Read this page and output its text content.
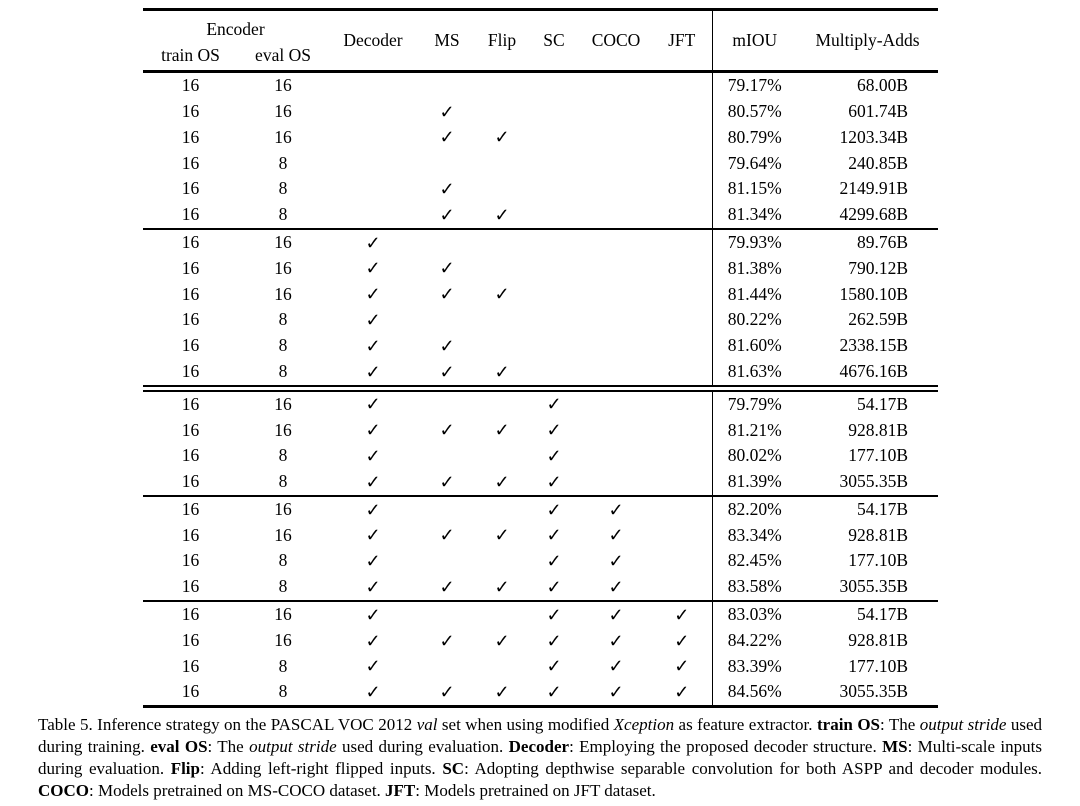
Encoder		Decoder	MS	Flip	SC	COCO	JFT	mIOU	Multiply-Adds
train OS	eval OS								
16	16							79.17%	68.00B
16	16		✓					80.57%	601.74B
16	16		✓	✓				80.79%	1203.34B
16	8							79.64%	240.85B
16	8		✓					81.15%	2149.91B
16	8		✓	✓				81.34%	4299.68B
16	16	✓						79.93%	89.76B
16	16	✓	✓					81.38%	790.12B
16	16	✓	✓	✓				81.44%	1580.10B
16	8	✓						80.22%	262.59B
16	8	✓	✓					81.60%	2338.15B
16	8	✓	✓	✓				81.63%	4676.16B
16	16	✓			✓			79.79%	54.17B
16	16	✓	✓	✓	✓			81.21%	928.81B
16	8	✓			✓			80.02%	177.10B
16	8	✓	✓	✓	✓			81.39%	3055.35B
16	16	✓			✓	✓		82.20%	54.17B
16	16	✓	✓	✓	✓	✓		83.34%	928.81B
16	8	✓			✓	✓		82.45%	177.10B
16	8	✓	✓	✓	✓	✓		83.58%	3055.35B
16	16	✓			✓	✓	✓	83.03%	54.17B
16	16	✓	✓	✓	✓	✓	✓	84.22%	928.81B
16	8	✓			✓	✓	✓	83.39%	177.10B
16	8	✓	✓	✓	✓	✓	✓	84.56%	3055.35B

Table 5. Inference strategy on the PASCAL VOC 2012 val set when using modified Xception as feature extractor. train OS: The output stride used during training. eval OS: The output stride used during evaluation. Decoder: Employing the proposed decoder structure. MS: Multi-scale inputs during evaluation. Flip: Adding left-right flipped inputs. SC: Adopting depthwise separable convolution for both ASPP and decoder modules. COCO: Models pretrained on MS-COCO dataset. JFT: Models pretrained on JFT dataset.
